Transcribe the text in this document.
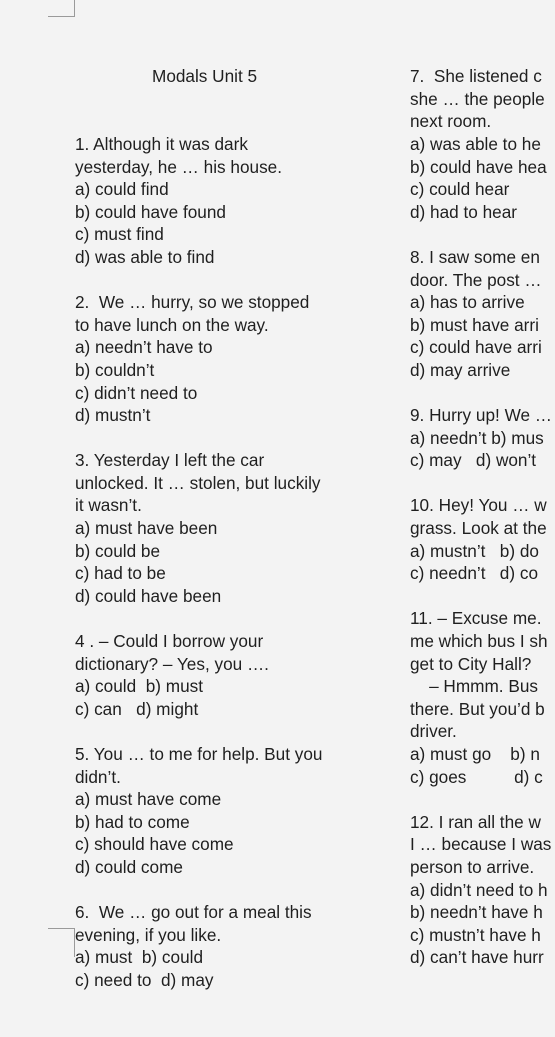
Modals Unit 5

1. Although it was dark
yesterday, he … his house.
a) could find
b) could have found
c) must find
d) was able to find
2.  We … hurry, so we stopped
to have lunch on the way.
a) needn’t have to
b) couldn’t
c) didn’t need to
d) mustn’t
3. Yesterday I left the car
unlocked. It … stolen, but luckily
it wasn’t.
a) must have been
b) could be
c) had to be
d) could have been
4 . – Could I borrow your
dictionary? – Yes, you ….
a) could  b) must
c) can   d) might
5. You … to me for help. But you
didn’t.
a) must have come
b) had to come
c) should have come
d) could come
6.  We … go out for a meal this
evening, if you like.
a) must  b) could
c) need to  d) may

7.  She listened c
she … the people
next room.
a) was able to he
b) could have hea
c) could hear
d) had to hear
8. I saw some en
door. The post …
a) has to arrive
b) must have arri
c) could have arri
d) may arrive
9. Hurry up! We …
a) needn’t b) mus
c) may   d) won’t
10. Hey! You … w
grass. Look at the
a) mustn’t   b) do
c) needn’t   d) co
11. – Excuse me.
me which bus I sh
get to City Hall?
– Hmmm. Bus
there. But you’d b
driver.
a) must go    b) n
c) goes          d) c
12. I ran all the w
I … because I was
person to arrive.
a) didn’t need to h
b) needn’t have h
c) mustn’t have h
d) can’t have hurr
